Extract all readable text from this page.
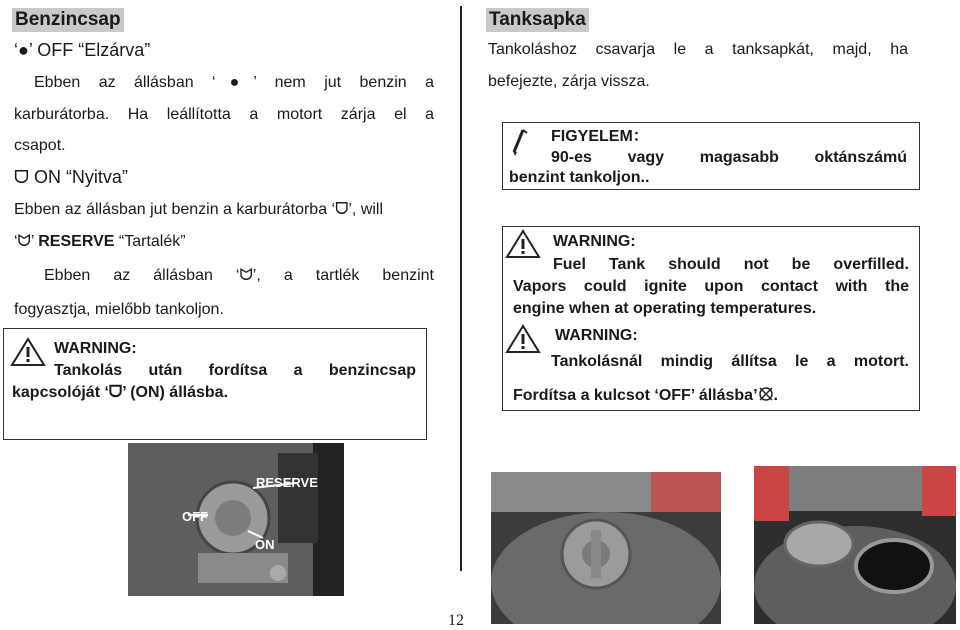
Benzincsap
‘●’ OFF “Elzárva”
Ebben az állásban ‘●’ nem jut benzin a
karburátorba. Ha leállította a motort zárja el a
csapot.
ᗜ ON “Nyitva”
Ebben az állásban jut benzin a karburátorba ‘ᗜ’, will
‘ᗢ’ RESERVE “Tartalék”
Ebben az állásban ‘ᗢ’, a tartlék benzint
fogyasztja, mielőbb tankoljon.
WARNING:
Tankolás után fordítsa a benzincsap
kapcsolóját ‘ᗜ’ (ON) állásba.
RESERVE
OFF
ON
Tanksapka
Tankoláshoz csavarja le a tanksapkát, majd, ha
befejezte, zárja vissza.
FIGYELEM：
90-es vagy magasabb oktánszámú
benzint tankoljon..
WARNING:
Fuel Tank should not be overfilled.
Vapors could ignite upon contact with the
engine when at operating temperatures.
WARNING:
Tankolásnál mindig állítsa le a motort.
Fordítsa a kulcsot ‘OFF’ állásba’ .
12
